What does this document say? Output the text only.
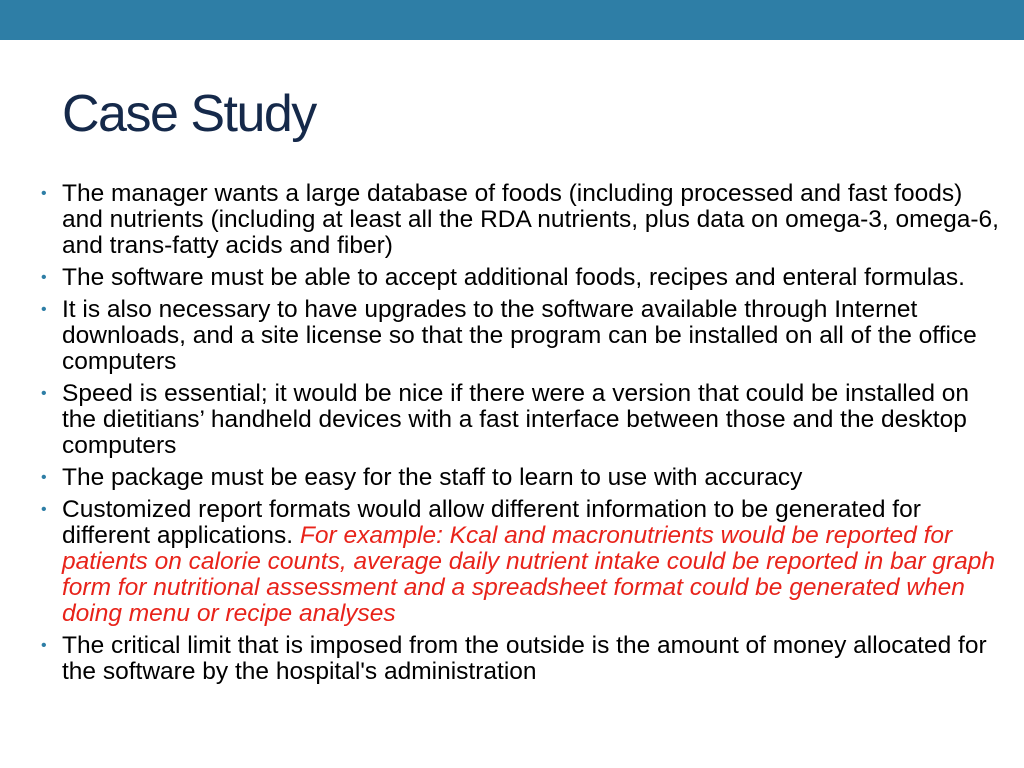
Case Study
• The manager wants a large database of foods (including processed and fast foods) and nutrients (including at least all the RDA nutrients, plus data on omega-3, omega-6, and trans-fatty acids and fiber)
• The software must be able to accept additional foods, recipes and enteral formulas.
• It is also necessary to have upgrades to the software available through Internet downloads, and a site license so that the program can be installed on all of the office computers
• Speed is essential; it would be nice if there were a version that could be installed on the dietitians’ handheld devices with a fast interface between those and the desktop computers
• The package must be easy for the staff to learn to use with accuracy
• Customized report formats would allow different information to be generated for different applications. For example: Kcal and macronutrients would be reported for patients on calorie counts, average daily nutrient intake could be reported in bar graph form for nutritional assessment and a spreadsheet format could be generated when doing menu or recipe analyses
• The critical limit that is imposed from the outside is the amount of money allocated for the software by the hospital's administration
